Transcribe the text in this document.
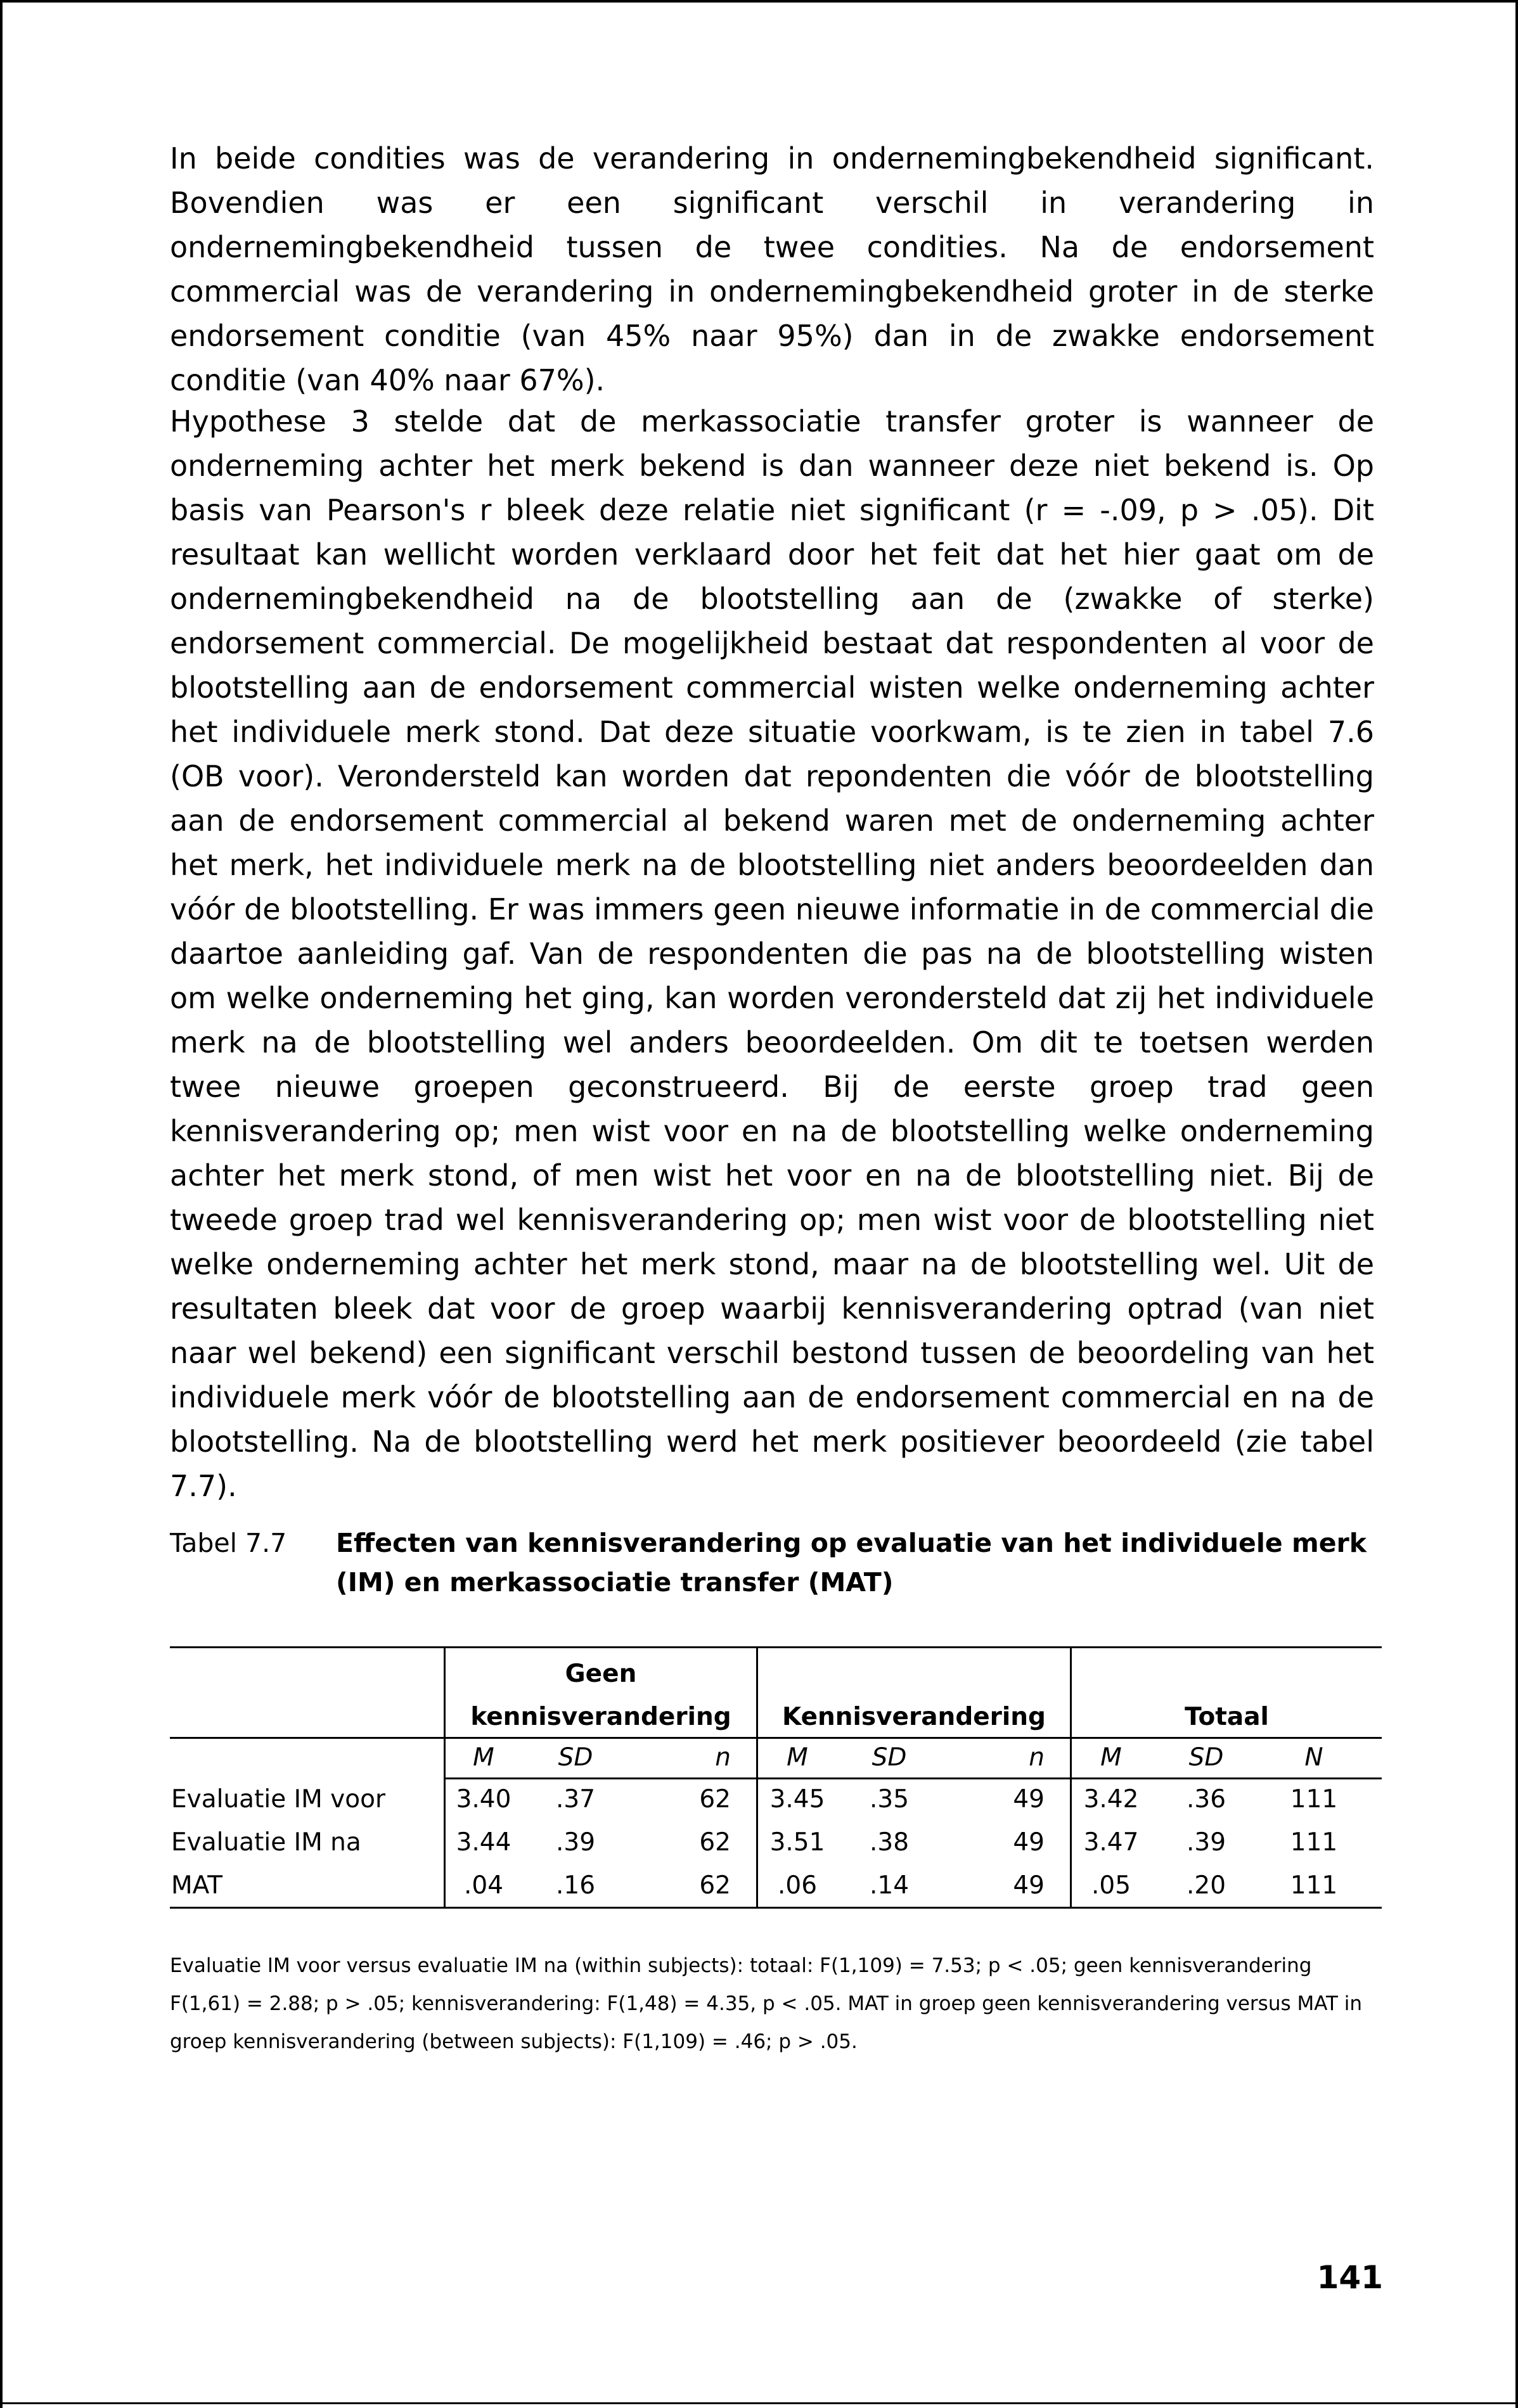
In beide condities was de verandering in ondernemingbekendheid significant. Bovendien was er een significant verschil in verandering in ondernemingbekendheid tussen de twee condities. Na de endorsement commercial was de verandering in ondernemingbekendheid groter in de sterke endorsement conditie (van 45% naar 95%) dan in de zwakke endorsement conditie (van 40% naar 67%).

Hypothese 3 stelde dat de merkassociatie transfer groter is wanneer de onderneming achter het merk bekend is dan wanneer deze niet bekend is. Op basis van Pearson's r bleek deze relatie niet significant (r = -.09, p > .05). Dit resultaat kan wellicht worden verklaard door het feit dat het hier gaat om de ondernemingbekendheid na de blootstelling aan de (zwakke of sterke) endorsement commercial. De mogelijkheid bestaat dat respondenten al voor de blootstelling aan de endorsement commercial wisten welke onderneming achter het individuele merk stond. Dat deze situatie voorkwam, is te zien in tabel 7.6 (OB voor). Verondersteld kan worden dat repondenten die vóór de blootstelling aan de endorsement commercial al bekend waren met de onderneming achter het merk, het individuele merk na de blootstelling niet anders beoordeelden dan vóór de blootstelling. Er was immers geen nieuwe informatie in de commercial die daartoe aanleiding gaf. Van de respondenten die pas na de blootstelling wisten om welke onderneming het ging, kan worden verondersteld dat zij het individuele merk na de blootstelling wel anders beoordeelden. Om dit te toetsen werden twee nieuwe groepen geconstrueerd. Bij de eerste groep trad geen kennisverandering op; men wist voor en na de blootstelling welke onderneming achter het merk stond, of men wist het voor en na de blootstelling niet. Bij de tweede groep trad wel kennisverandering op; men wist voor de blootstelling niet welke onderneming achter het merk stond, maar na de blootstelling wel. Uit de resultaten bleek dat voor de groep waarbij kennisverandering optrad (van niet naar wel bekend) een significant verschil bestond tussen de beoordeling van het individuele merk vóór de blootstelling aan de endorsement commercial en na de blootstelling. Na de blootstelling werd het merk positiever beoordeeld (zie tabel 7.7).

Tabel 7.7 Effecten van kennisverandering op evaluatie van het individuele merk (IM) en merkassociatie transfer (MAT)
Geen
kennisverandering	Kennisverandering	Totaal
M	SD	n	M	SD	n	M	SD	N
Evaluatie IM voor	3.40	.37	62	3.45	.35	49	3.42	.36	111
Evaluatie IM na	3.44	.39	62	3.51	.38	49	3.47	.39	111
MAT	.04	.16	62	.06	.14	49	.05	.20	111

Evaluatie IM voor versus evaluatie IM na (within subjects): totaal: F(1,109) = 7.53; p < .05; geen kennisverandering F(1,61) = 2.88; p > .05; kennisverandering: F(1,48) = 4.35, p < .05. MAT in groep geen kennisverandering versus MAT in groep kennisverandering (between subjects): F(1,109) = .46; p > .05.

141
